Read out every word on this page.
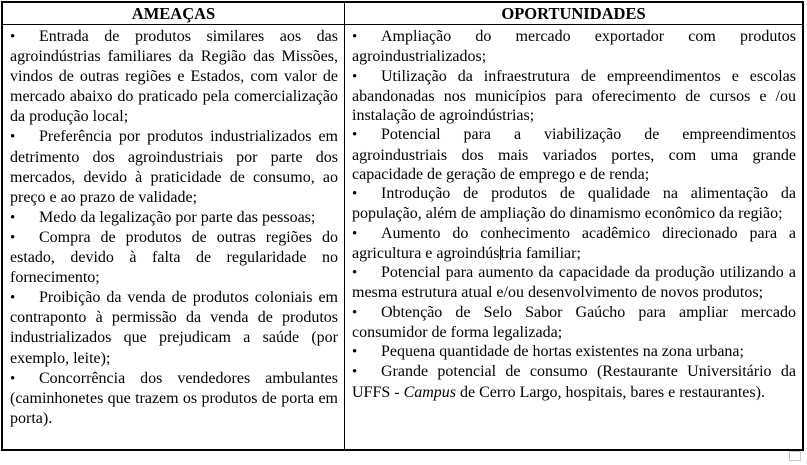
AMEAÇAS	OPORTUNIDADES

• Entrada de produtos similares aos das agroindústrias familiares da Região das Missões, vindos de outras regiões e Estados, com valor de mercado abaixo do praticado pela comercialização da produção local;

• Preferência por produtos industrializados em detrimento dos agroindustriais por parte dos mercados, devido à praticidade de consumo, ao preço e ao prazo de validade;

• Medo da legalização por parte das pessoas;

• Compra de produtos de outras regiões do estado, devido à falta de regularidade no fornecimento;

• Proibição da venda de produtos coloniais em contraponto à permissão da venda de produtos industrializados que prejudicam a saúde (por exemplo, leite);

• Concorrência dos vendedores ambulantes (caminhonetes que trazem os produtos de porta em porta).

• Ampliação do mercado exportador com produtos agroindustrializados;

• Utilização da infraestrutura de empreendimentos e escolas abandonadas nos municípios para oferecimento de cursos e /ou instalação de agroindústrias;

• Potencial para a viabilização de empreendimentos agroindustriais dos mais variados portes, com uma grande capacidade de geração de emprego e de renda;

• Introdução de produtos de qualidade na alimentação da população, além de ampliação do dinamismo econômico da região;

• Aumento do conhecimento acadêmico direcionado para a agricultura e agroindústria familiar;

• Potencial para aumento da capacidade da produção utilizando a mesma estrutura atual e/ou desenvolvimento de novos produtos;

• Obtenção de Selo Sabor Gaúcho para ampliar mercado consumidor de forma legalizada;

• Pequena quantidade de hortas existentes na zona urbana;

• Grande potencial de consumo (Restaurante Universitário da UFFS - Campus de Cerro Largo, hospitais, bares e restaurantes).
